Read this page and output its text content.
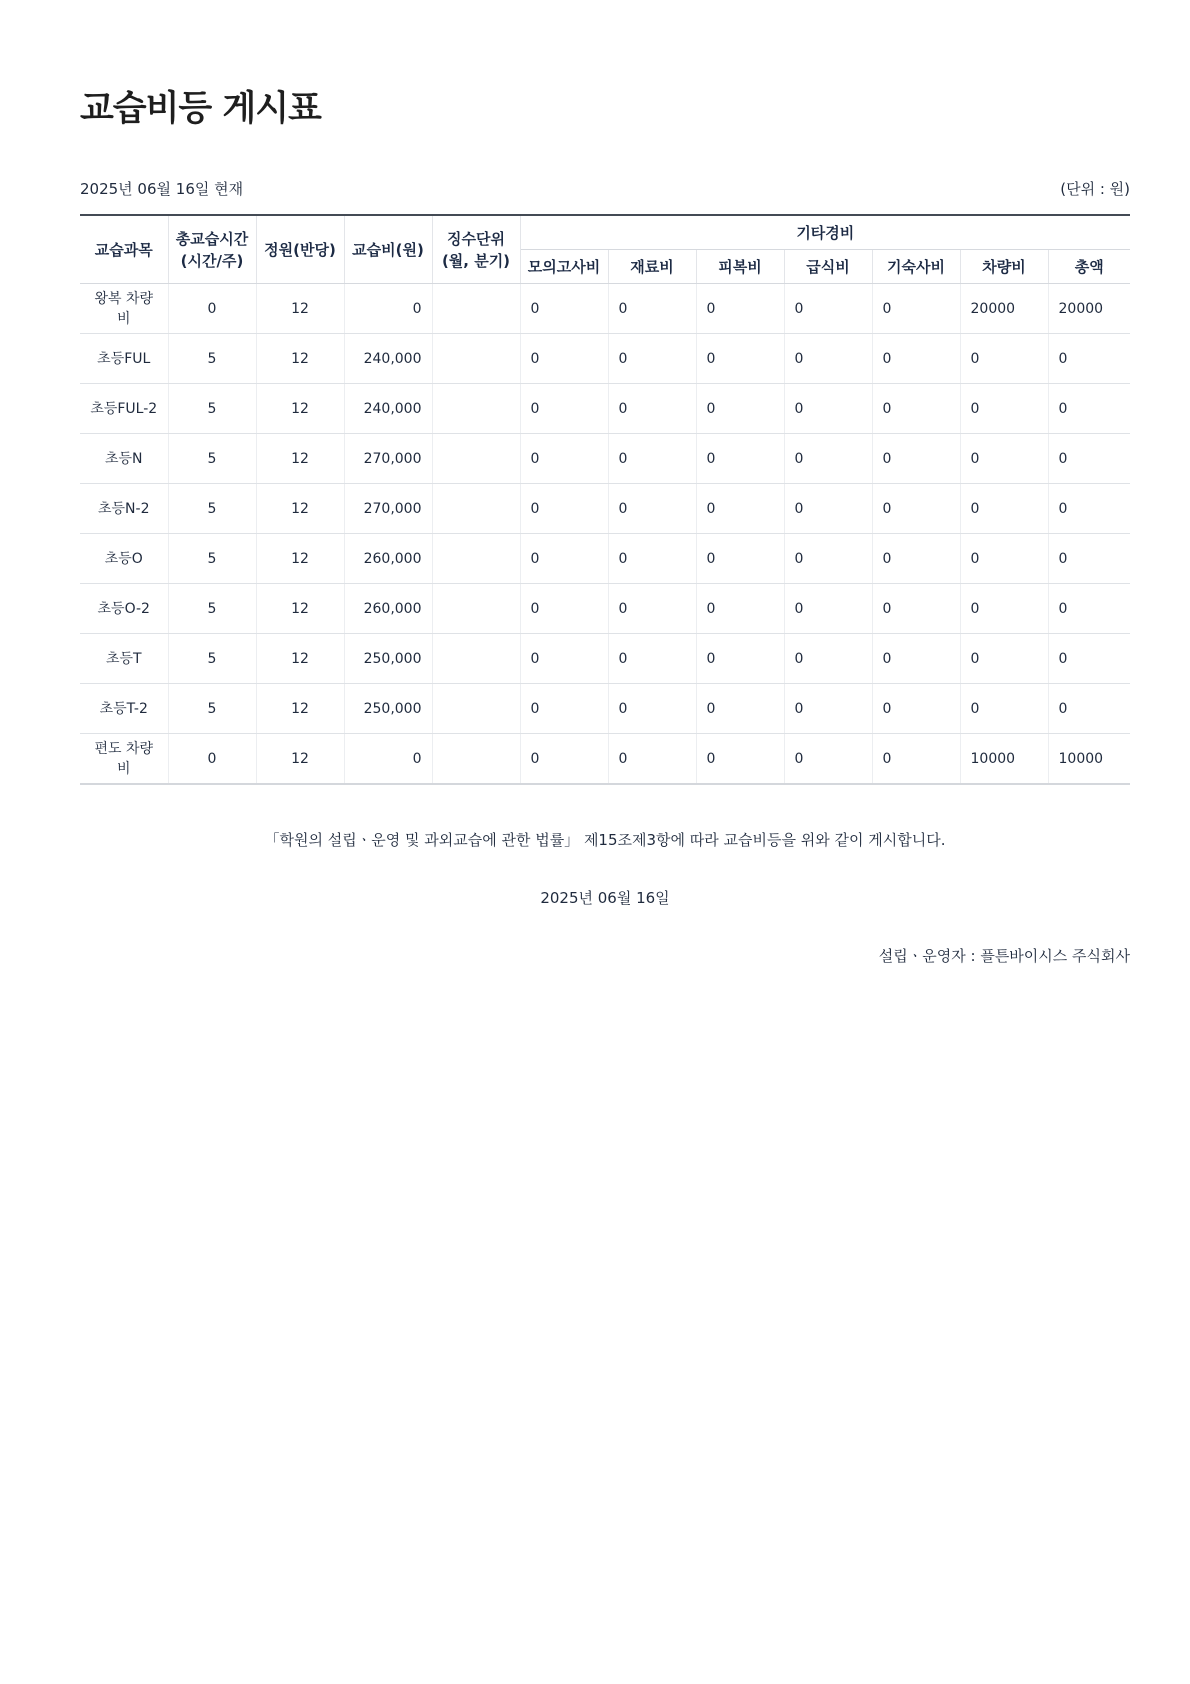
교습비등 게시표
2025년 06월 16일 현재	(단위 : 원)
교습과목	총교습시간 (시간/주)	정원(반당)	교습비(원)	징수단위 (월, 분기)	기타경비						
					모의고사비	재료비	피복비	급식비	기숙사비	차량비	총액
왕복 차량비	0	12	0		0	0	0	0	0	20000	20000
초등FUL	5	12	240,000		0	0	0	0	0	0	0
초등FUL-2	5	12	240,000		0	0	0	0	0	0	0
초등N	5	12	270,000		0	0	0	0	0	0	0
초등N-2	5	12	270,000		0	0	0	0	0	0	0
초등O	5	12	260,000		0	0	0	0	0	0	0
초등O-2	5	12	260,000		0	0	0	0	0	0	0
초등T	5	12	250,000		0	0	0	0	0	0	0
초등T-2	5	12	250,000		0	0	0	0	0	0	0
편도 차량비	0	12	0		0	0	0	0	0	10000	10000
「학원의 설립ㆍ운영 및 과외교습에 관한 법률」 제15조제3항에 따라 교습비등을 위와 같이 게시합니다.
2025년 06월 16일
설립ㆍ운영자 : 플튼바이시스 주식회사
